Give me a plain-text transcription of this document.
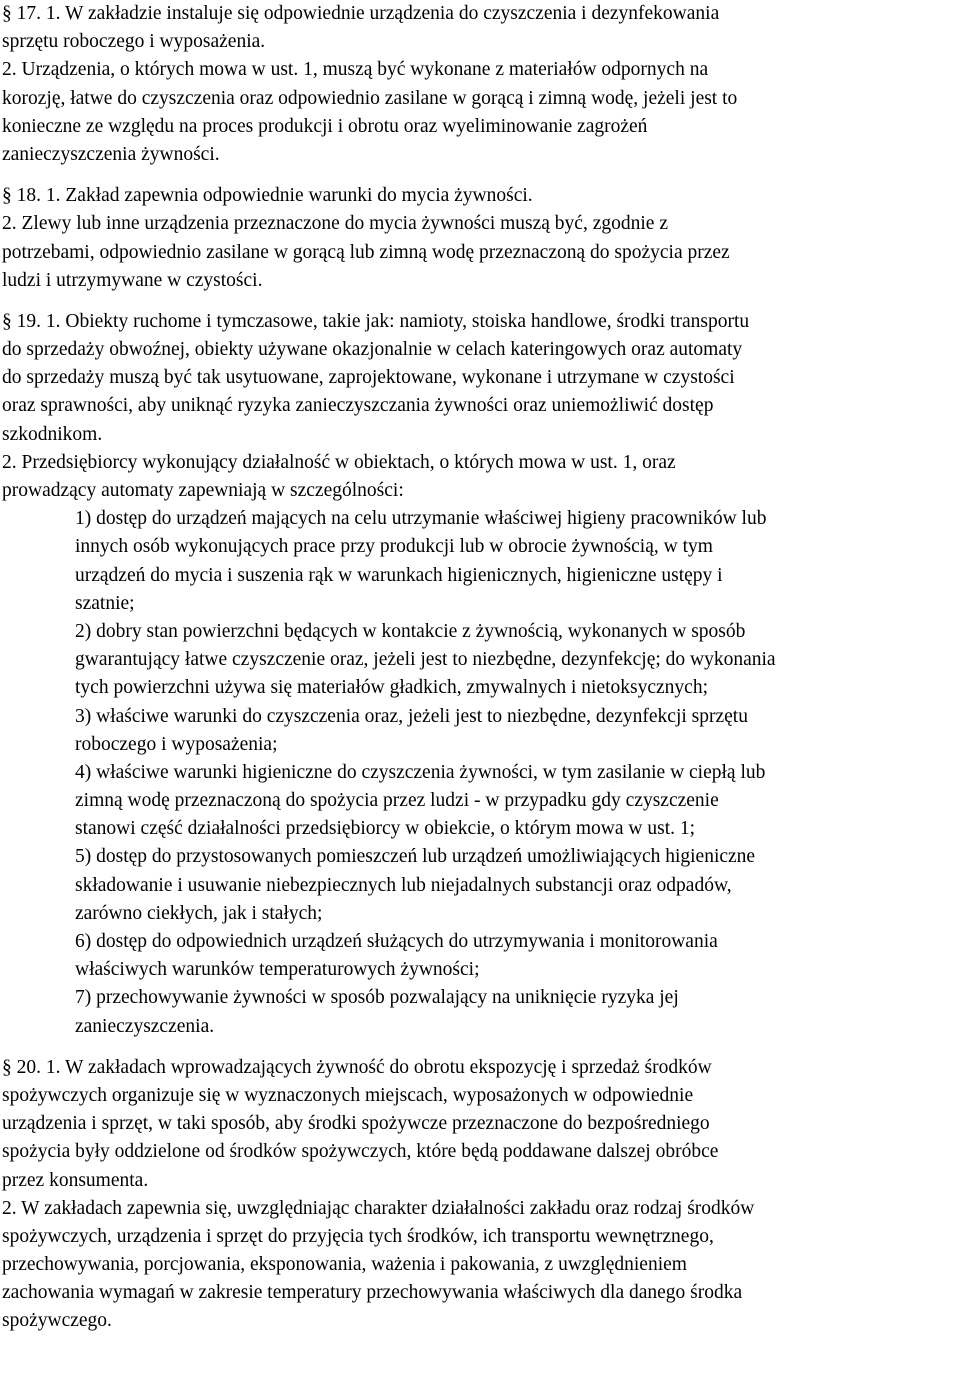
§ 17. 1. W zakładzie instaluje się odpowiednie urządzenia do czyszczenia i dezynfekowania
sprzętu roboczego i wyposażenia.
2. Urządzenia, o których mowa w ust. 1, muszą być wykonane z materiałów odpornych na
korozję, łatwe do czyszczenia oraz odpowiednio zasilane w gorącą i zimną wodę, jeżeli jest to
konieczne ze względu na proces produkcji i obrotu oraz wyeliminowanie zagrożeń
zanieczyszczenia żywności.
§ 18. 1. Zakład zapewnia odpowiednie warunki do mycia żywności.
2. Zlewy lub inne urządzenia przeznaczone do mycia żywności muszą być, zgodnie z
potrzebami, odpowiednio zasilane w gorącą lub zimną wodę przeznaczoną do spożycia przez
ludzi i utrzymywane w czystości.
§ 19. 1. Obiekty ruchome i tymczasowe, takie jak: namioty, stoiska handlowe, środki transportu
do sprzedaży obwoźnej, obiekty używane okazjonalnie w celach kateringowych oraz automaty
do sprzedaży muszą być tak usytuowane, zaprojektowane, wykonane i utrzymane w czystości
oraz sprawności, aby uniknąć ryzyka zanieczyszczania żywności oraz uniemożliwić dostęp
szkodnikom.
2. Przedsiębiorcy wykonujący działalność w obiektach, o których mowa w ust. 1, oraz
prowadzący automaty zapewniają w szczególności:
1) dostęp do urządzeń mających na celu utrzymanie właściwej higieny pracowników lub
innych osób wykonujących prace przy produkcji lub w obrocie żywnością, w tym
urządzeń do mycia i suszenia rąk w warunkach higienicznych, higieniczne ustępy i
szatnie;
2) dobry stan powierzchni będących w kontakcie z żywnością, wykonanych w sposób
gwarantujący łatwe czyszczenie oraz, jeżeli jest to niezbędne, dezynfekcję; do wykonania
tych powierzchni używa się materiałów gładkich, zmywalnych i nietoksycznych;
3) właściwe warunki do czyszczenia oraz, jeżeli jest to niezbędne, dezynfekcji sprzętu
roboczego i wyposażenia;
4) właściwe warunki higieniczne do czyszczenia żywności, w tym zasilanie w ciepłą lub
zimną wodę przeznaczoną do spożycia przez ludzi - w przypadku gdy czyszczenie
stanowi część działalności przedsiębiorcy w obiekcie, o którym mowa w ust. 1;
5) dostęp do przystosowanych pomieszczeń lub urządzeń umożliwiających higieniczne
składowanie i usuwanie niebezpiecznych lub niejadalnych substancji oraz odpadów,
zarówno ciekłych, jak i stałych;
6) dostęp do odpowiednich urządzeń służących do utrzymywania i monitorowania
właściwych warunków temperaturowych żywności;
7) przechowywanie żywności w sposób pozwalający na uniknięcie ryzyka jej
zanieczyszczenia.
§ 20. 1. W zakładach wprowadzających żywność do obrotu ekspozycję i sprzedaż środków
spożywczych organizuje się w wyznaczonych miejscach, wyposażonych w odpowiednie
urządzenia i sprzęt, w taki sposób, aby środki spożywcze przeznaczone do bezpośredniego
spożycia były oddzielone od środków spożywczych, które będą poddawane dalszej obróbce
przez konsumenta.
2. W zakładach zapewnia się, uwzględniając charakter działalności zakładu oraz rodzaj środków
spożywczych, urządzenia i sprzęt do przyjęcia tych środków, ich transportu wewnętrznego,
przechowywania, porcjowania, eksponowania, ważenia i pakowania, z uwzględnieniem
zachowania wymagań w zakresie temperatury przechowywania właściwych dla danego środka
spożywczego.
